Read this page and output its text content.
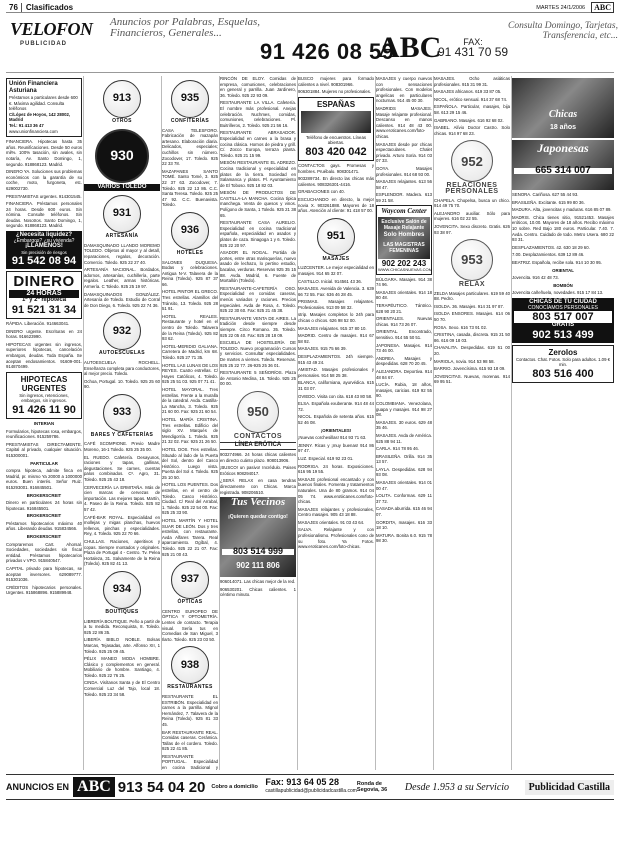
76	Clasificados	MARTES 24/1/2006	ABC
VELOFON
PUBLICIDAD
Anuncios por Palabras, Esquelas, Financieros, Generales...
91 426 08 59
ABC	FAX:
91 431 70 59
Consulta Domingo, Tarjetas, Transferencia, etc...
Unión Financiera Asturiana
Préstamos a particulares desde 600 €. Máxima agilidad. Consulta teléfonos
C/López de Hoyos, 142 28002, Madrid
Tel.: 91 413 36 47
www.unionfinanciera.com

FINANCIERA. Hipotecas hasta 35 años. Reunificaciones. Desde 50 euros mil%. 100% tasación, sin avales, sin notaría, Av. Santo Domingo, 1, segundo. 918868123. Madrid.

DINERO YA. Soluciones sus problemas económicos con la garantía de su coche, moto, furgoneta, etc. 629002730.

PRESTAMISTAS urgentes. 914301545.

FINANCIERA. Préstamos personales 24 horas. Desde 600 euros. Sin nómina. Consulte teléfonos. Sin deudas. Nosotros. Santo Domingo, 1, segundo. 918868123. Madrid.

¿Necesita liquidez?
¿Embargos? ¿su vivienda?
¡LLÁMENOS!
Sin precisión de riesgos
91 542 08 94
DINERO
24 HORAS
1ª y 2ª hipoteca
91 521 31 34

RÁPIDA. Liberación. 914663041.

DINERO urgente. Escrituras en 24 horas. 916623990.

HIPOTECAS urgentes sin ingresos, superiores hipotecas, cancelación embargos, deudas. Toda España. Se aceptan endosamientos. 91609-001. 914870499.

HIPOTECAS URGENTES
Sin ingresos, retenciones, embargos, sin ingresos.
91 426 11 90

INTERIAN

Formularios, hipotecas rosa, embargos, reunificaciones. 915259786.

PRESTAMISTAS DIRECTAMENTE. Capital al privado, cualquier situación. 915300001.

PARTICULAR

compra hipoteca, admite finca en Madrid, pr. mismo Ya 20000 a 1000000 euros. Buen interés. Señor Ruiz. 915293001. 916845501.

BROKERSCREIT

Dinero en particulares 24 horas sin hipotecas. 916845501.

BROKERSCREIT

Préstamos hipotecarios máximo 40 años. Liberando deudas. 915834566.

BROKERSCREIT

Compraremos Cart. Ahorsal. Sociedades, sociedades sin fiscal entidad. Préstamos hipotecarios privados v VPO. 915840547.

CAPITAL privado para hipotecas, se aceptan inversores. 629089777. 915301036.

CRÉDITOS hipotecarios personales. Urgentes. 915868896. 915889948.

913
OTROS
930
VARIOS TOLEDO
931
ARTESANÍA

DAMASQUINADO LLANDO MOREMO TOLEDO. Objetos al mayor y al detall, reparaciones, regalos, decoración. Comercio. Toledo. 925 22 27 40.

ARTESANÍA NACIONAL. Bordados, adornos, artesanías, cuchillería, parte regalos. Leather, armas históricas. Armería. C Toledo. 925 25 19 97.

DAMASQUINADOS GONZÁLEZ. Artesanía de Toledo. Estudio de Corral de Don Diego, 6. Toledo. 925 22 74 36.

932
AUTOESCUELAS

AUTOESCUELA ROCHELL. Enseñanza completa para conductores, al mejor precio. Toledo.

Ochoa, Portugal. 10. Toledo. 925 25 60 90.

933
BARES Y CAFETERÍAS

CAFÉ SCOMPIONE. Previo Madre Moreno, 16-1 Toledo. 925 25 35 00.

EL RUEDO. Cafetería. Desayunos, raciones y tapas, gallinas, degustaciones. Se carnes, cuentas palos combinados. Cº. Agro, 31. Toledo. 925 25 43 18.

CERVECERÍA LA ERMITAÑA. Más de cien marcas de cervezas de importación. Las mejores tapas. Martín, 4. Paseo de la Reina. Toledo. 925 82 57 42.

CAFÉ-BAR ROYAL. Especialidad en mollejas y migas planchas, huevos rellenos, pinchas y especialidades. Rey, 4. Toledo. 925 22 70 66.

CHULLAS. Raciones, aperitivos y copas. Siempre montados y originales. Plaza de Portugal 4 - Centro. Tv. Pelea Hortaleza, 31. Salvamente de la Reina (Toledo). 925 82 41 13.

934
BOUTIQUES

LIBRERÍA BOUTIQUE. Peño a partir de a tu medida. Reconquista, 8. Toledo. 925 22 86 35.

LIBERÍA BIBLO NOBLE. Bolsas Marcas, Tejasadas, arte. Alfonso XII, 1 Toledo. 925 25 09 45.

PÉLIX MANEO MODA HOMBRE. Clásico y complementos en general. Mobiliario de hombre. Santiago, 4. Toledo. 925 22 76 25.

CINDA. Visítanos Santa y de El Centro Comercial Luz del Tajo, local 18. Toledo. 925 23 34 58.

935
CONFITERÍAS

CASA TELESFORO. Fabricación de mazapán artesano. Elaboración diaria. Delicados, especiales; cuchillos sin número. Zocodover, 17. Toledo. 925 22 33 78.

MAZAPANES SANTO TOMÉ. Santo Tomé, 3. 925 22 37 63. Zocodover, 7. Toledo. 925 22 13 86. C.C. Santa Teresa. Toledo. 925 25 47 92. C.C. Buenavista. Toledo.

936
HOTELES

SALONES DUQUESA. Bodas y celebraciones. Antigua N-V. Talavera de la Reina (Toledo). 925 87 37 66.

HOTEL PINTOR EL GRECO. Tres estrellas. Alamillos del Tránsito, 13. Toledo. 925 28 51 91.

HOTEL REALES. Restaurante y hotel en el centro de Toledo. Talavera de la Reina (Toledo). 925 82 93 62.

HOTEL-MERIDIO GALIANA. Carretera de Madrid, km 68. Toledo. 925 27 71 35.

HOTEL LAS LUNAS DE LOS REYES. Cuatro estrellas. C/ Hayes Católicos, 4. Toledo. 925 25 51 03. 925 07 71 41.

HOTEL MAYORAL. Tres estrellas. Frente a la muralla de la catedral. Avda. Castilla-La Mancha, 3. Toledo. 925 21 60 00. Fax: 925 21 60 54.

HOTEL MARÍA CRISTINA. Tres estrellas. Edificio del siglo XV. Marqués de Mendigorría. 1. Toledo. 925 21 32 02. Fax: 925 21 26 50.

HOTEL DOS. Tres estrellas. Situado al lado de la Puerta del Sol, dentro del Casco Histórico. Luego vista. Puerta del Sol 4. Toledo. 925 25 10 50.

HOTEL LOS PUENTES. Dos estrellas, en el centro de Toledo. Casco Histórico. Ciudad. C/ Real del Arrabal, 1. Toledo. 925 22 54 00. Fax: 925 25 33 90.

HOTEL MARTÍN Y HOTEL SUAR DE LEÓN. Dos y tres estrellas, con restaurante. Avda Alfares Tarera. Real aparcamiento. Ogíbal, 4. Toledo. 925 22 21 07. Fax: 925 21 00 43.

937
ÓPTICAS

CENTRO EUROPEO DE ÓPTICA Y OPTOMETRÍA. Lentes de contacto. Terapia visual. Sería tus en Comedias de San Miguel, 3 Ilarto. Toledo. 925 23 03 50.

938
RESTAURANTES

RESTAURANTE EL ESTRIBÓN. Especialidad en carnes a la parrilla. Mignol Hernández, 7. Talavera de la Reina (Toledo). 925 81 33 45.

BAR RESTAURANTE REAL. Comidas caseras. Cerámica. Tallas de el cordero. Toledo. 925 22 41 85.

RESTAURANTE PORTUGAL. Especialidad en cocina tradicional y

RINCÓN DE ELOY. Comidas de empresa, comuniones, celebraciones en general y parrilla. Juan Jardinero, 36. Toledo. 925 22 93 09.

RESTAURANTE LA VILLA. Cafetería. El nombre más profesional. Anejas celebración. Nuchmes, comidas, comuniones, celebraciones. Pl. Buitrilleros, 2. Toledo. 925 21 56 16.

RESTAURANTE ABRASADOR. Especialidad en carnes a la brasa y cocina clásica. Hornos de piedra y grill. C/. Zocco Europa, terraza planta. Toledo. 925 21 15 99.

MESÓN RESTAURANTE EL ADREZO. Cocina tradicional y especialidad en platos de la tierra. Sociedad en Salamanca y platos. Pl. Ayuntamiento de El Toboso. 925 18 82 03.

MESÓN DE PRODUCTOS DE CASTILLA-LA MANCHA. Cocina típica manchega. Venta de quesos y vinos. Polígono de Santa, 1 Toledo. 925 21 38 65.

RESTAURANTE CASA AURELIO. Especialidad en cocina tradicional española, especialidad en asados y platos de caza. Sinagoga 1 y 6. Toledo. 925 22 20 97.

ASADOR EL NOGAL. Portida de portes, entre otras marisquerías, nuevo asado de lechazo, lo pertino estudio, bacalao, verduras. Reservas 925 35 15 88. Avda. Madrid, 6. Fuente de Mortallón (Toledo).

RESTAURANTE-CAFETERÍA OSO. Especialidad en comidas caseras, menús variados y raciones. Precios especiales. Avda de Rosa, 4. Toledo. 925 22 30 60. Fax: 925 21 45 38.

RESTAURANTE VENTA DE AIRES. La tradición desde siempre desde siempre. Circo Romano. 35. Toledo. 925 22 05 40. Fax: 925 28 18 09.

ESCUELA DE HOSTELERÍA DE TOLEDO. Nuevo programación Cursos y servicios. Consultar especialidades. De martes a viernes. Toledo. Reservas. 925 25 22 77. 26-925 25 36 01.

RESTAURANTE 5 SEÑORÍOS. Plaza de Antonio Medina, 16. Toledo. 925 25 00 00.

950
CONTACTOS
LÍNEA ERÓTICA

903274966. 24 horas chicas calientes en directo cuánto plazo. 908013906.

¡BUSCO! un pasivo! Incrédulo. Paises Eróticos 908294017.

¿SERÁ RELAX en casa tendras directamente con Chicas. Marca registrada. 908206510.

Tus Vecinos
¡Quieren quedar contigo!
803 514 999
902 111 806

906014071. Las chicas mejor de la red.

906530201. Chicas calientes. 1 céntimo minuto.

BUSCO mujeres para formado calientes a nivel. 908301966.

906301884. Mujeres no profesionales.

ESPAÑAS
Teléfono de encuentros. Líneas abiertas.
803 420 042

CONTACTOS gays. Promesas y hombres. Pruébalo. 908301471.

903289734. En directo las chicas más calientes. 908326301-4416.

GRABACIONES con 40.

ESCUCHANDO en directo, la mejor novia X. 903261888. Mayores de 18 años. Atención al cliente: 91 418 57 00.

951
MASAJES

LUZCENTER. Le mejor especialidad en masajes. 914 65 32 07.

CASTILLO. Inicial. 914561 43 36.

MASAJES. Avenida de Valencia. 3. 639 66 72 55. Fax: 636 46 28 45.

PRISMAS. Masajes relajantes. Profesionales. 913 09 58 32.

strip. Masajes completos lo 24h para chicas o chicos. 626 98 52 00.

MASAJES relajantes. 915 37 80 10.

MADRID. Centro de masajes. 914 67 58 92.

MASAJES. 915 75 66 39.

DESPLAZAMIENTOS. 24h siempre. 915 43 49 24.

AMISTAD. Masajes profesionales y personales. 914 58 25 38.

BLANCA, californiana, ayurvédica. 615 31 03 07.

OVIEDO. Visita con cita. 618 43 80 58.

ELSA. Española exuberante. 914 48 44 72.

NICOL. Española de setenta años. 615 52 46 08.

¡ORIENTALES!

¡Nuevas corchesillas! 914 93 71 63.

JENNY. Ricas y ¡muy buenas! 914 86 97 47.

LUZ. Especial. 619 92 23 01.

RODRIGA. 24 horas. Exposiciones. 616 95 19 55.

MASAJE profesional encantado y con buenos finales. Fomenta y tratamientos naturales. Una de 80 gramos. 914 04 05 74. www.erotiicanes.com/foto-chicas.

MASAJES relajantes y profesionales, Centro masajes. 905 43 18 88.

MASAJES orientales. 91 03 43 64.

SALVA. Relajante y con profesionalismo. Profesionales cono de su foto. Ya Fotos. www.eroticanes.com/foto-chicas.

MASAJES y cuerpo nuevos con sensaciones profesionales. Con modelos angelicas en particulares nocturnas. 914 45 00 30.

MADRIDS MASAJES. Masaje relajante profesional. Descanso en manos calientes. 914 48 43 00. www.eroticanes.com/foto-chicas.

MASAJES desde por chicas espectaculares. Chalet privado. Arturo Soria. 914 03 07 33.

GOYA. Masajes profesionales. 914 68 93 00.

MASAJES relajantes. 613 56 58 47.

ESPLENDOR. Madera. 613 59 21 58.

Waycom Center
Exclusive Salón de Masaje Relajante
Solo Hombres
LAS MAGISTRAS FEMENINAS
902 202 243
WWW.CHICASNUEVAS.COM

BÚLGARA. Masajes. 914 38 74 96.

MASAJES orientales. 914 18 80 48.

TERAPÉUTICO. Tántrico. 628 90 20 21.

ORIENTALES. Nuevas chicas. 914 73 26 07.

ORIENTAL. Encontrado, sensitivo. 914 55 50 51.

JAPONESA. Masajes. 914 73 46 00.

ANDREA. Masajes y despedidas. 628 70 20 45.

ALEJANDRA. Deportiva. 914 48 84 67.

LUCÍA. Rubia, 18 años, masajes, caricias. 619 92 55 90.

COLOMBIANA. Venezolana, guapa y masajes. 914 98 27 08.

MASAJES. 30 euros. 629 48 35 46.

MASAJES. Avda de América. 625 88 94 11.

CARLA. 914 78 95 46.

BRASILEÑA. Orilla. 914 35 13 57.

LAYLA. Despedidas. 628 94 93 08.

MASAJES orientales. 914 01 00 47.

LOLITA. Conformas. 629 11 37 72.

CASADA aburrida. 615 46 94 07.

GORDITA, masajes. 616 33 18 10.

MATURA. Bonita 6.0. 915 78 98 30.

MASAJES. Ocho asiáticas profesionales. 915 31 99 31.

MASAJES africanos. 619 33 87 05.

NICOL, erótico sensual. 914 37 68 74.

ESPAÑOLA. Particular, masajes, bija 58. 613 29 15 46.

GABRIANO. Masajes. 616 92 68 02.

ISABEL. Alívio Doctor Castro. Solo chicas. 914 97 68 23.

952
RELACIONES PERSONALES

CHAPELA. Chopelsa, busca un chico. 914 49 75 70.

ALEJANDRO auxiliar. Sólo para mujeres. 616 02 22 55.

JOVENCITA. Sexo discreto. Gratis. 626 93 38 97.

953
RELAX

ZELDA Masajes particulares. 619 59 40 88. Pedro.

ISOLDA. 36. Masajes. 914 31 97 87.

ISOLDA ENSORES. Masajes. 614 06 50 70.

ROSA. Sexo. 616 73 91 02.

CRISTINA, casada, discreta. 915 21 50 86. 616 09 18 03.

CHAVALITA. Despedidas. 619 51 00 20.

MARIOLA, novia. 914 53 98 58.

BARRIO. Jovencísima. 615 93 18 09.

JOVENCITAS. Nuevas, morenas. 914 69 95 51.

Chicas
18 años
Japonesas
665 314 007

SENORA. Cariñosa. 627 55 44 93.

BRASILEÑA. Excitante. 615 99 80 36.

MADURA. Alta, jovencitas y maduras. 616 85 07 89.

MADRIS. Chica tienes sitio, 91521453. Masajes eróticos, 10.00. Mayores de 18 años. Recibo máximo 10 sobre. Red Bajo 180 euros. Particular. 7.40. 7. Avda. Centro. Cuidado de todo. Metro Usera. 680 22 93 31.

DESPLAZAMIENTOS. 42. 630 18 29 60.

7.00. Desplazamientos. 639 12 89 46.

BEATRIZ. Española, recibe sola. 914 10 30 95.

ORIENTAL

Jovencita. 916 42 48 73.

BOMBÓN

Jovencita cañeñuela, novedades. 915 17 84 13.

CHICAS DE TU CIUDAD
CONOCÍAMOS PERSONALES
803 517 007
GRATIS
902 513 499
Zerolos
Contactos. Chat. Fotos. Solo para adultos. 1.09 € min.
803 516 400
ANUNCIOS EN ABC 913 54 04 20 Cobro a domicilio Fax: 913 64 05 28
castillapublicidad@publicidadcastilla.com
Ronda de Segovia, 36	Desde 1.953 a su Servicio	Publicidad Castilla
